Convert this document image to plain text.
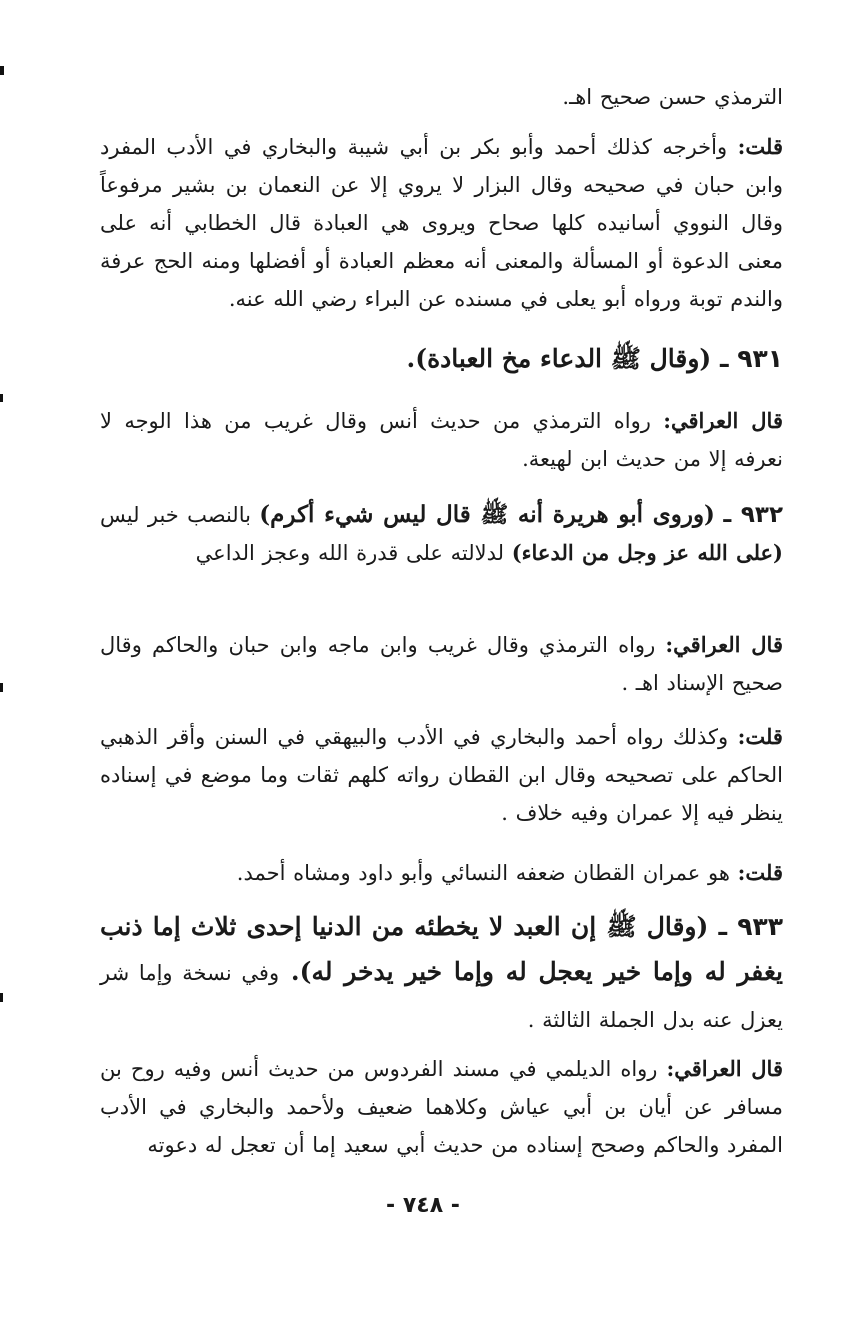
الترمذي حسن صحيح اهـ.
قلت: وأخرجه كذلك أحمد وأبو بكر بن أبي شيبة والبخاري في الأدب المفرد وابن حبان في صحيحه وقال البزار لا يروي إلا عن النعمان بن بشير مرفوعاً وقال النووي أسانيده كلها صحاح ويروى هي العبادة قال الخطابي أنه على معنى الدعوة أو المسألة والمعنى أنه معظم العبادة أو أفضلها ومنه الحج عرفة والندم توبة ورواه أبو يعلى في مسنده عن البراء رضي الله عنه.
٩٣١ ـ (وقال ﷺ الدعاء مخ العبادة).
قال العراقي: رواه الترمذي من حديث أنس وقال غريب من هذا الوجه لا نعرفه إلا من حديث ابن لهيعة.
٩٣٢ ـ (وروى أبو هريرة أنه ﷺ قال ليس شيء أكرم) بالنصب خبر ليس (على الله عز وجل من الدعاء) لدلالته على قدرة الله وعجز الداعي
قال العراقي: رواه الترمذي وقال غريب وابن ماجه وابن حبان والحاكم وقال صحيح الإسناد اهـ .
قلت: وكذلك رواه أحمد والبخاري في الأدب والبيهقي في السنن وأقر الذهبي الحاكم على تصحيحه وقال ابن القطان رواته كلهم ثقات وما موضع في إسناده ينظر فيه إلا عمران وفيه خلاف .
قلت: هو عمران القطان ضعفه النسائي وأبو داود ومشاه أحمد.
٩٣٣ ـ (وقال ﷺ إن العبد لا يخطئه من الدنيا إحدى ثلاث إما ذنب يغفر له وإما خير يعجل له وإما خير يدخر له). وفي نسخة وإما شر يعزل عنه بدل الجملة الثالثة .
قال العراقي: رواه الديلمي في مسند الفردوس من حديث أنس وفيه روح بن مسافر عن أيان بن أبي عياش وكلاهما ضعيف ولأحمد والبخاري في الأدب المفرد والحاكم وصحح إسناده من حديث أبي سعيد إما أن تعجل له دعوته
- ٧٤٨ -
